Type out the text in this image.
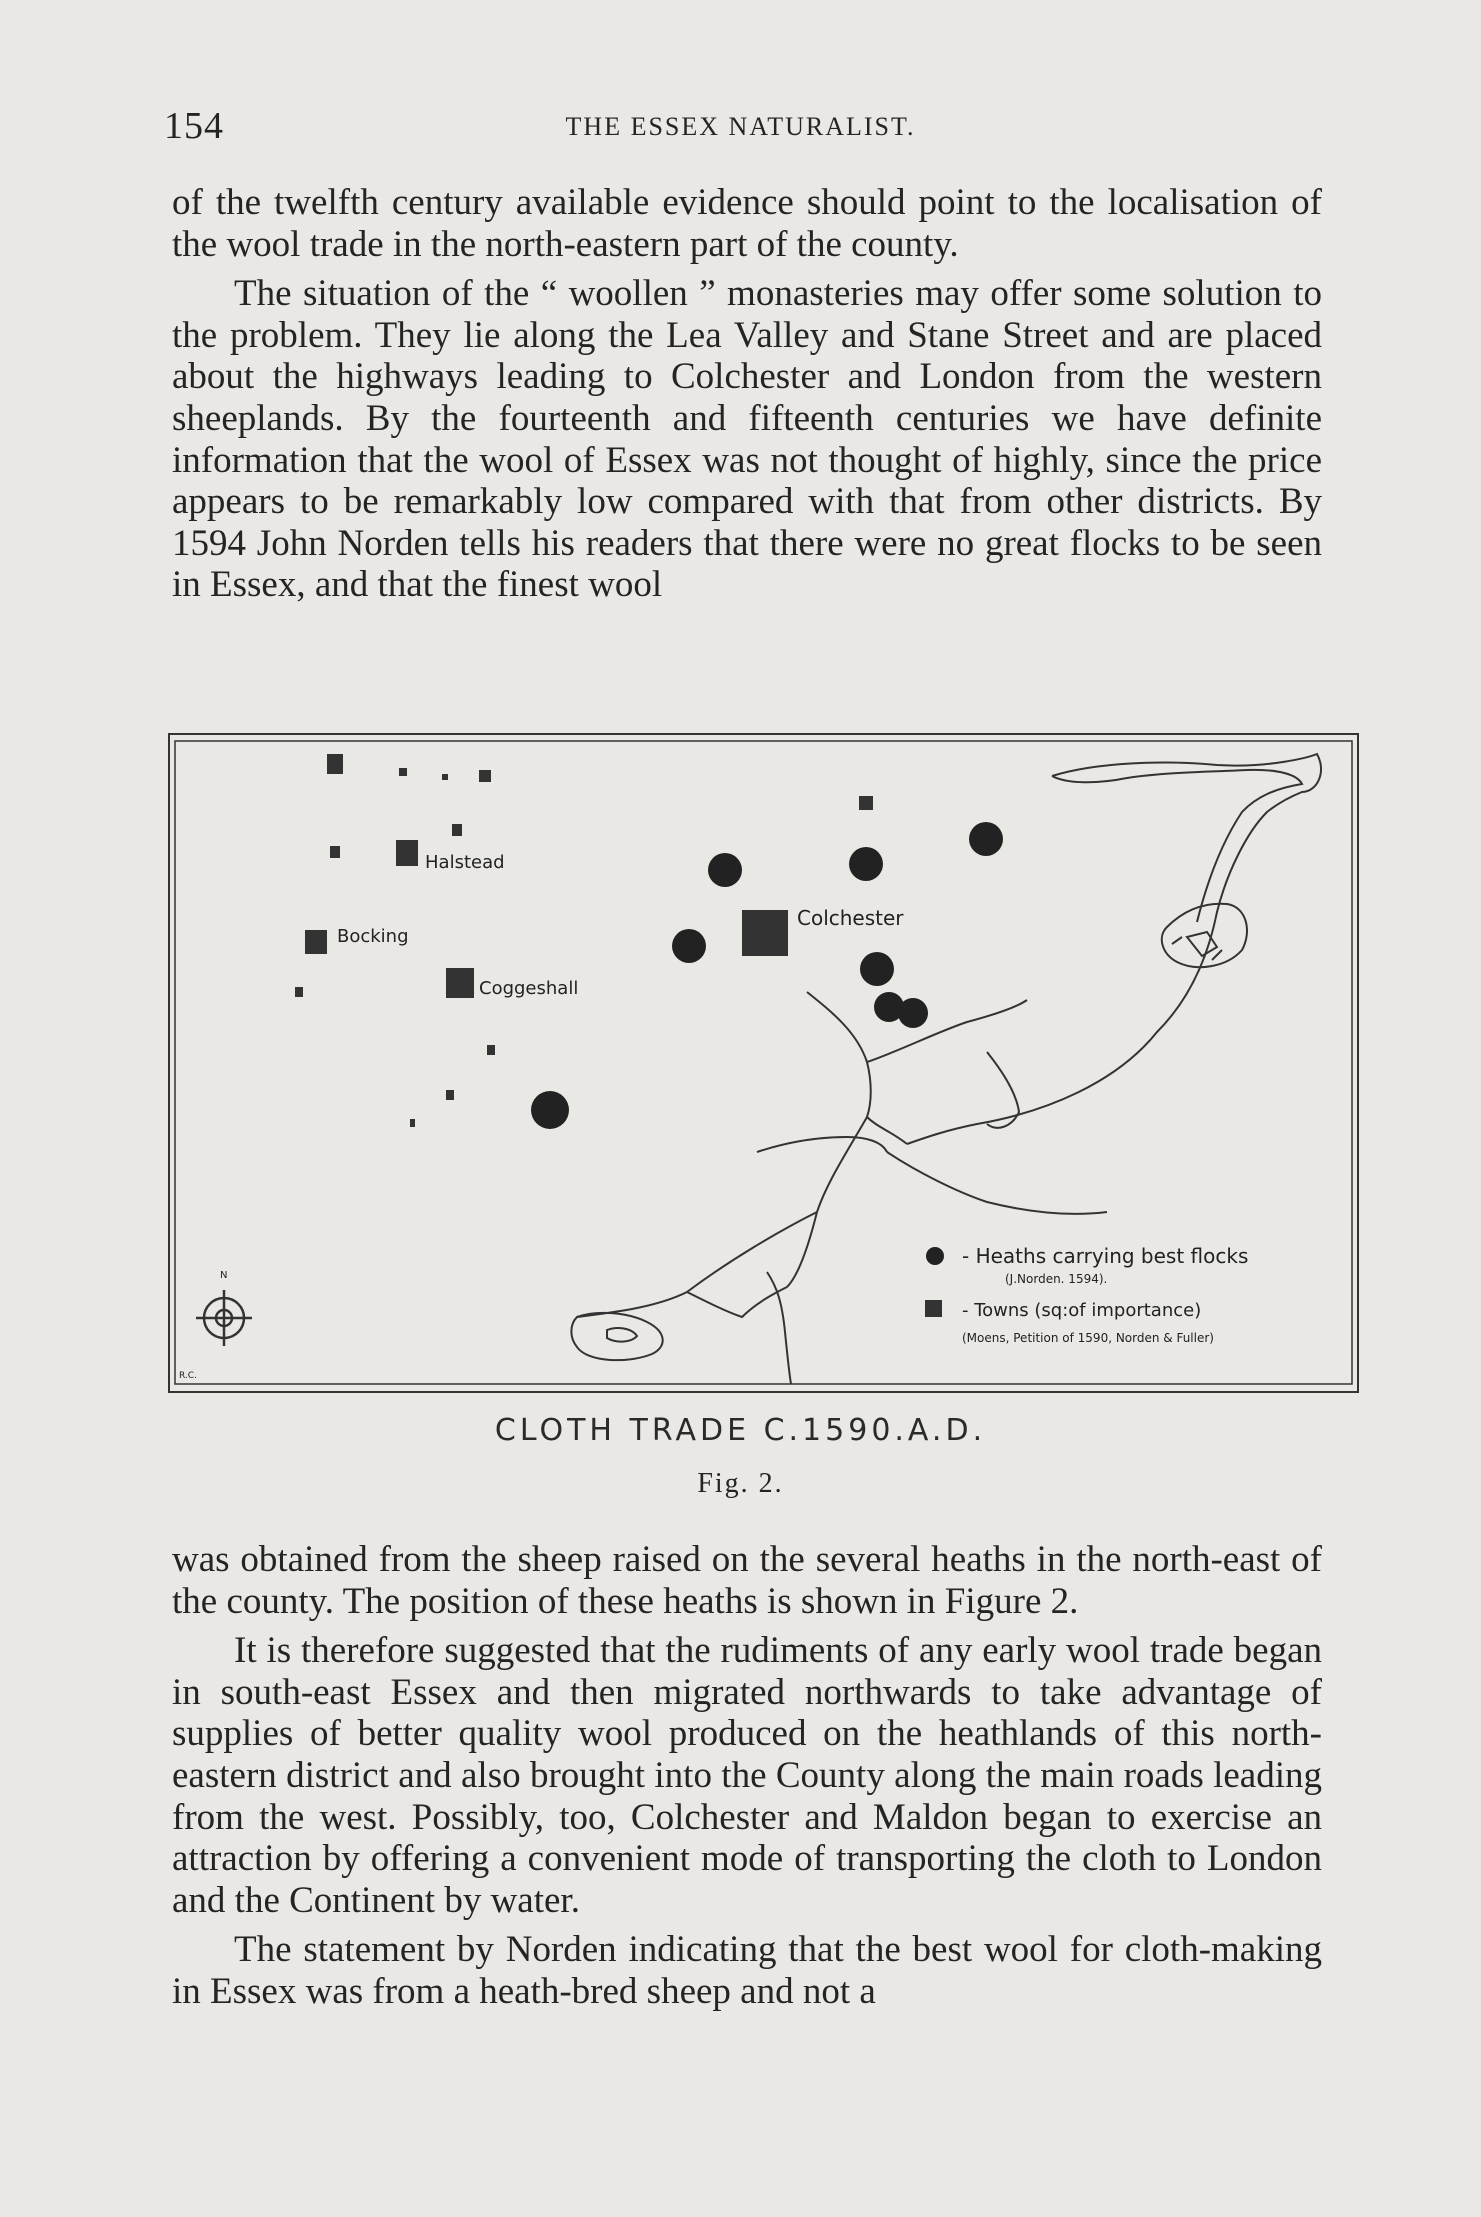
154	THE ESSEX NATURALIST.

of the twelfth century available evidence should point to the localisation of the wool trade in the north-eastern part of the county.

The situation of the “ woollen ” monasteries may offer some solution to the problem. They lie along the Lea Valley and Stane Street and are placed about the highways leading to Colchester and London from the western sheeplands. By the fourteenth and fifteenth centuries we have definite information that the wool of Essex was not thought of highly, since the price appears to be remarkably low compared with that from other districts. By 1594 John Norden tells his readers that there were no great flocks to be seen in Essex, and that the finest wool

Halstead
Bocking
Coggeshall
Colchester
- Heaths carrying best flocks
(J.Norden. 1594).
- Towns (sq:of importance)
(Moens, Petition of 1590, Norden & Fuller)
N
R.C.
CLOTH TRADE C.1590.A.D.
Fig. 2.

was obtained from the sheep raised on the several heaths in the north-east of the county. The position of these heaths is shown in Figure 2.

It is therefore suggested that the rudiments of any early wool trade began in south-east Essex and then migrated northwards to take advantage of supplies of better quality wool produced on the heathlands of this north-eastern district and also brought into the County along the main roads leading from the west. Possibly, too, Colchester and Maldon began to exercise an attraction by offering a convenient mode of transporting the cloth to London and the Continent by water.

The statement by Norden indicating that the best wool for cloth-making in Essex was from a heath-bred sheep and not a
